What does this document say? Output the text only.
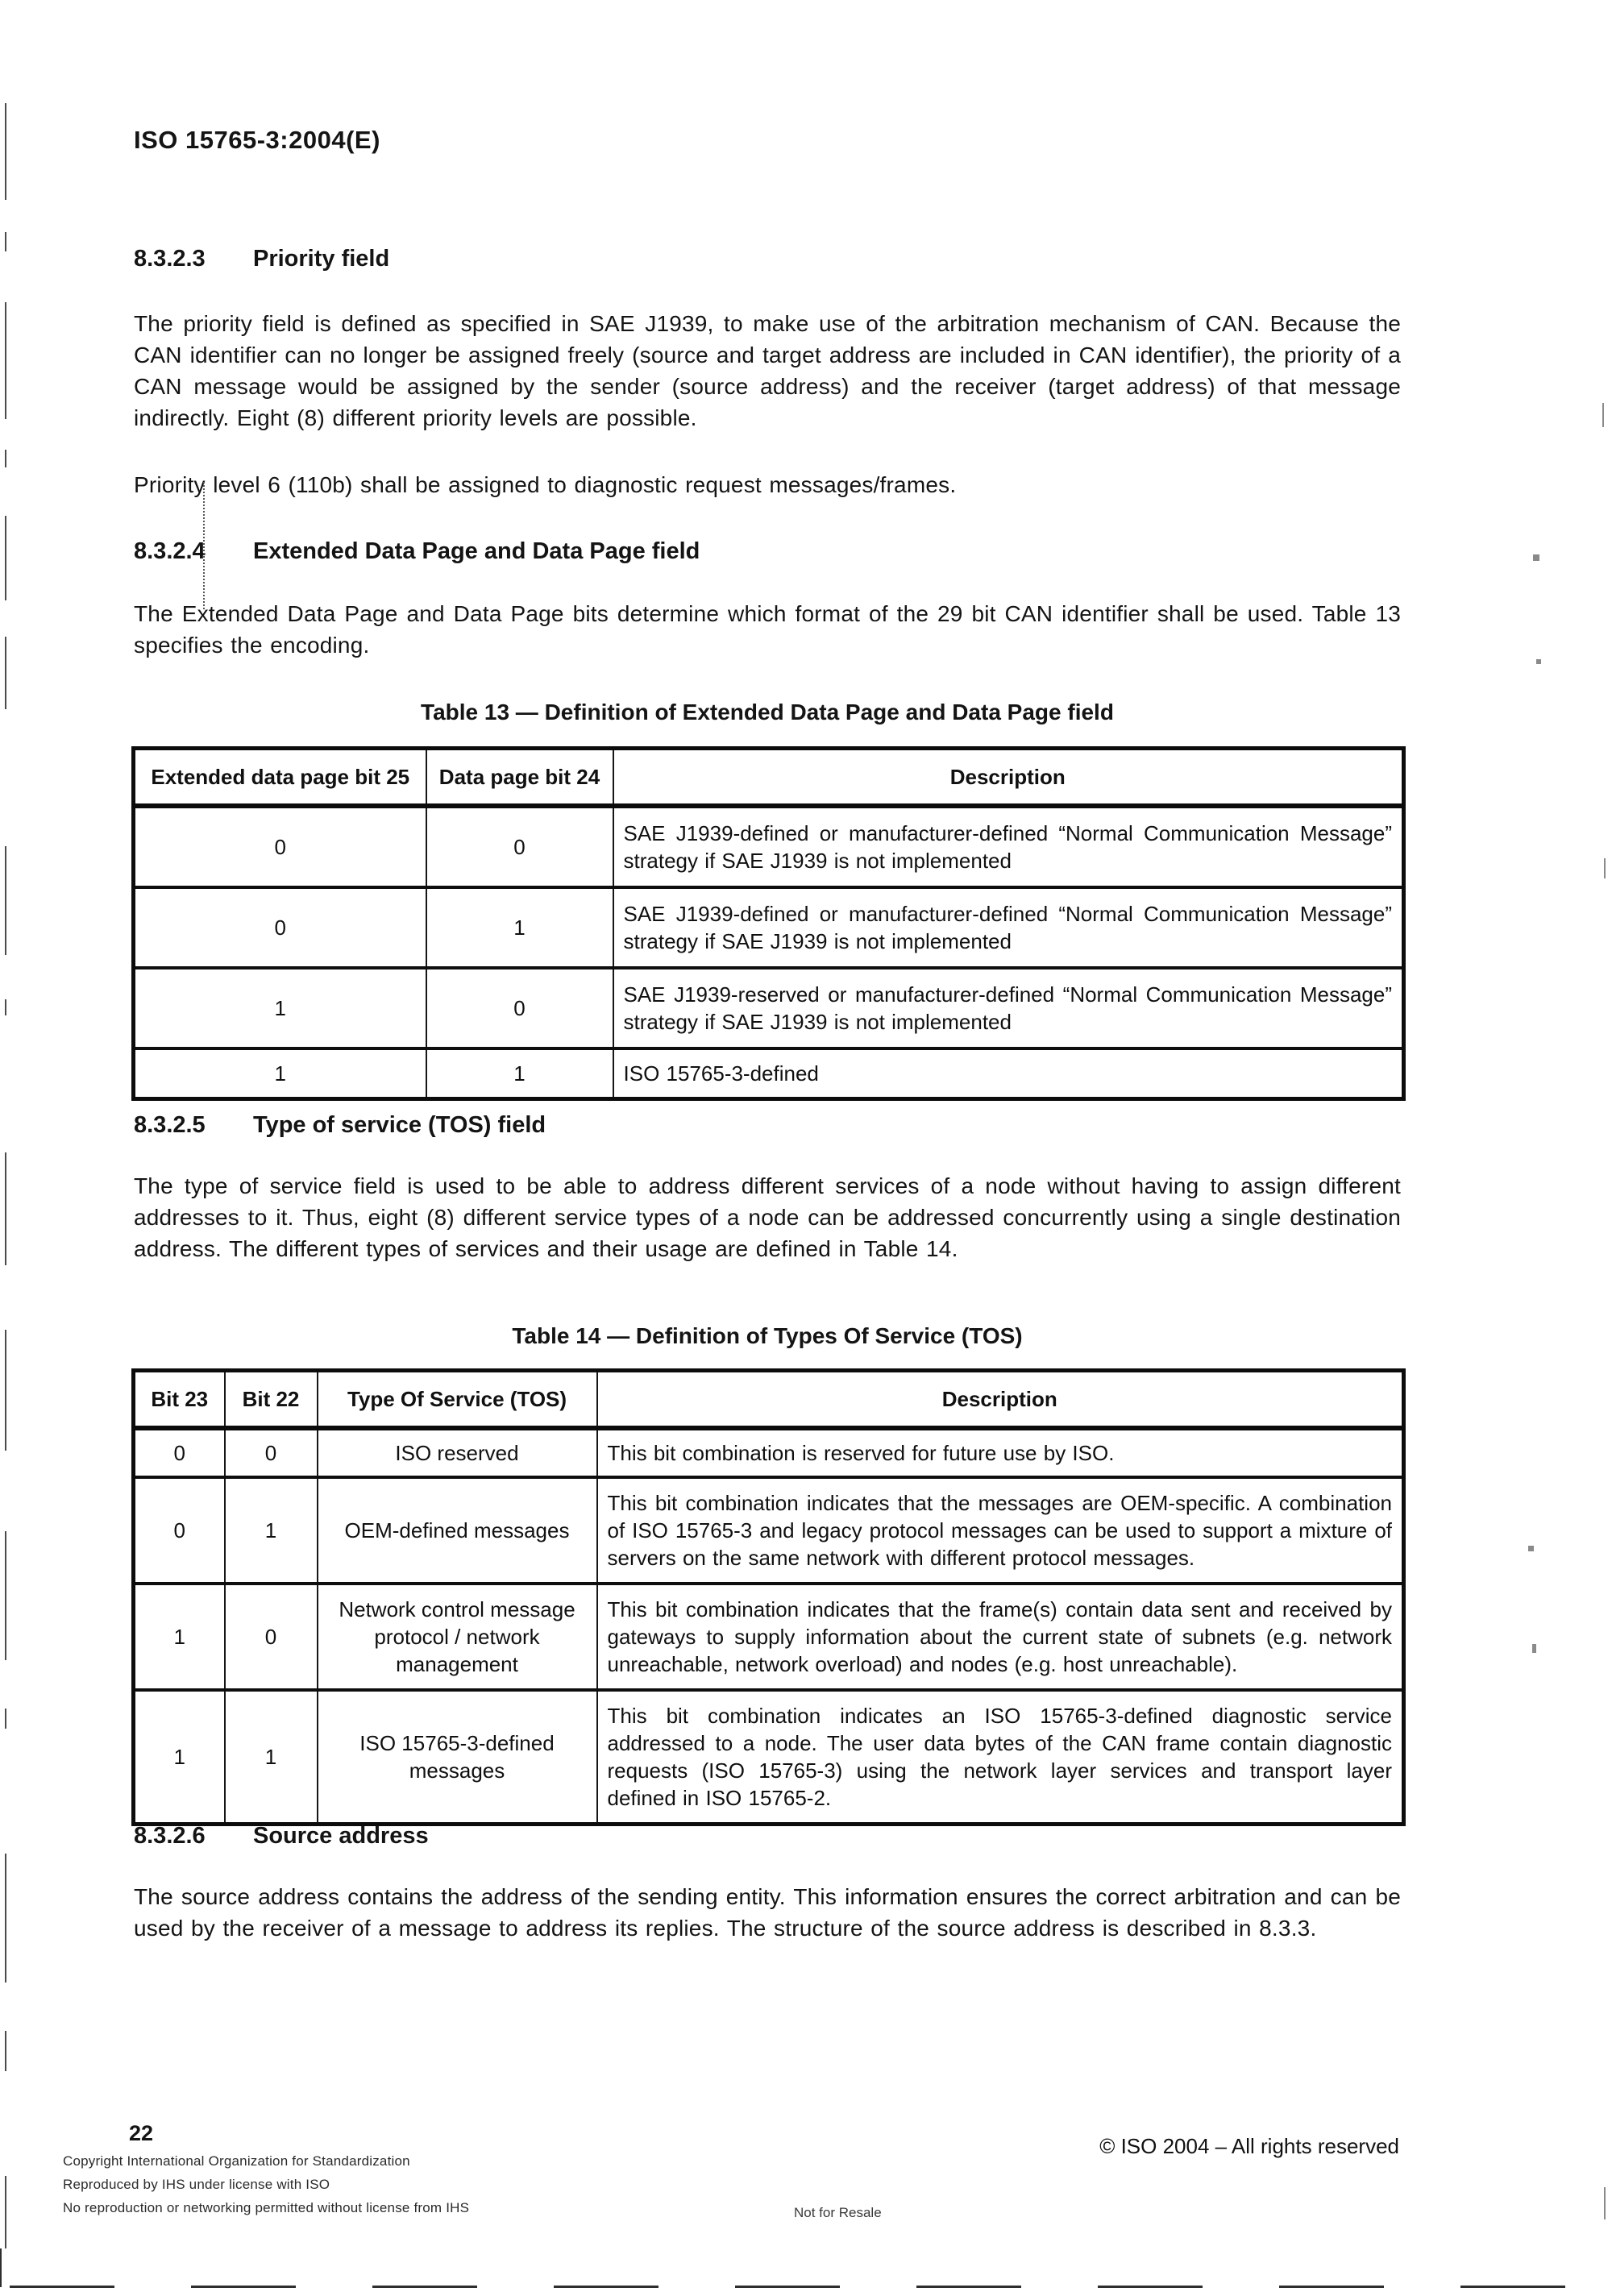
ISO 15765-3:2004(E)
8.3.2.3	Priority field
The priority field is defined as specified in SAE J1939, to make use of the arbitration mechanism of CAN. Because the CAN identifier can no longer be assigned freely (source and target address are included in CAN identifier), the priority of a CAN message would be assigned by the sender (source address) and the receiver (target address) of that message indirectly. Eight (8) different priority levels are possible.
Priority level 6 (110b) shall be assigned to diagnostic request messages/frames.
8.3.2.4	Extended Data Page and Data Page field
The Extended Data Page and Data Page bits determine which format of the 29 bit CAN identifier shall be used. Table 13 specifies the encoding.
Table 13 — Definition of Extended Data Page and Data Page field
Extended data page bit 25	Data page bit 24	Description
0	0	SAE J1939-defined or manufacturer-defined “Normal Communication Message” strategy if SAE J1939 is not implemented
0	1	SAE J1939-defined or manufacturer-defined “Normal Communication Message” strategy if SAE J1939 is not implemented
1	0	SAE J1939-reserved or manufacturer-defined “Normal Communication Message” strategy if SAE J1939 is not implemented
1	1	ISO 15765-3-defined
8.3.2.5	Type of service (TOS) field
The type of service field is used to be able to address different services of a node without having to assign different addresses to it. Thus, eight (8) different service types of a node can be addressed concurrently using a single destination address. The different types of services and their usage are defined in Table 14.
Table 14 — Definition of Types Of Service (TOS)
Bit 23	Bit 22	Type Of Service (TOS)	Description
0	0	ISO reserved	This bit combination is reserved for future use by ISO.
0	1	OEM-defined messages	This bit combination indicates that the messages are OEM-specific. A combination of ISO 15765-3 and legacy protocol messages can be used to support a mixture of servers on the same network with different protocol messages.
1	0	Network control message protocol / network management	This bit combination indicates that the frame(s) contain data sent and received by gateways to supply information about the current state of subnets (e.g. network unreachable, network overload) and nodes (e.g. host unreachable).
1	1	ISO 15765-3-defined messages	This bit combination indicates an ISO 15765-3-defined diagnostic service addressed to a node. The user data bytes of the CAN frame contain diagnostic requests (ISO 15765-3) using the network layer services and transport layer defined in ISO 15765-2.
8.3.2.6	Source address
The source address contains the address of the sending entity. This information ensures the correct arbitration and can be used by the receiver of a message to address its replies. The structure of the source address is described in 8.3.3.
22
Copyright International Organization for Standardization
Reproduced by IHS under license with ISO
No reproduction or networking permitted without license from IHS	Not for Resale
© ISO 2004 – All rights reserved
